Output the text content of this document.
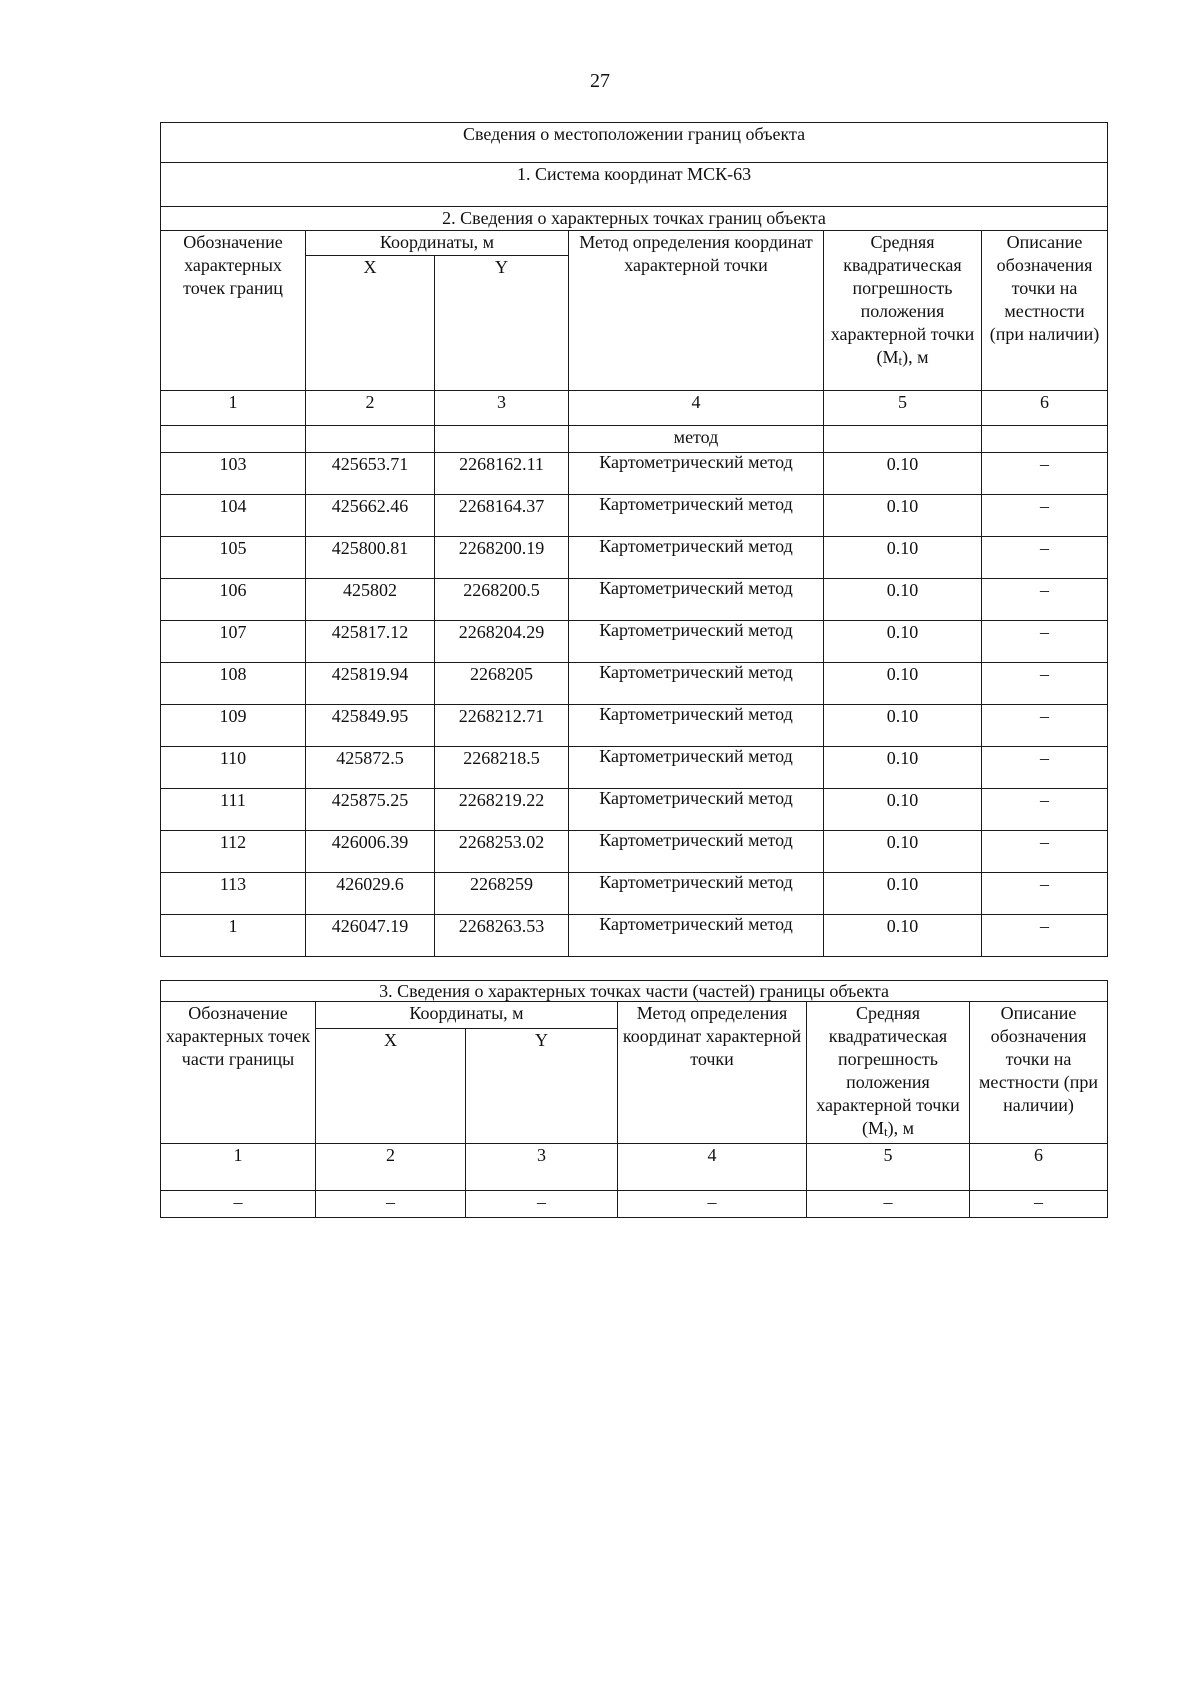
27
Сведения о местоположении границ объекта					
1. Система координат МСК-63					
2. Сведения о характерных точках границ объекта					
Обозначение характерных точек границ	Координаты, м		Метод определения координат характерной точки	Средняя квадратическая погрешность положения характерной точки $(M_t)$, м	Описание обозначения точки на местности (при наличии)
	X	Y			
1	2	3	4	5	6
			метод		
103	425653.71	2268162.11	Картометрический метод	0.10	–
104	425662.46	2268164.37	Картометрический метод	0.10	–
105	425800.81	2268200.19	Картометрический метод	0.10	–
106	425802	2268200.5	Картометрический метод	0.10	–
107	425817.12	2268204.29	Картометрический метод	0.10	–
108	425819.94	2268205	Картометрический метод	0.10	–
109	425849.95	2268212.71	Картометрический метод	0.10	–
110	425872.5	2268218.5	Картометрический метод	0.10	–
111	425875.25	2268219.22	Картометрический метод	0.10	–
112	426006.39	2268253.02	Картометрический метод	0.10	–
113	426029.6	2268259	Картометрический метод	0.10	–
1	426047.19	2268263.53	Картометрический метод	0.10	–
3. Сведения о характерных точках части (частей) границы объекта					
Обозначение характерных точек части границы	Координаты, м		Метод определения координат характерной точки	Средняя квадратическая погрешность положения характерной точки $(M_t)$, м	Описание обозначения точки на местности (при наличии)
	X	Y			
1	2	3	4	5	6
–	–	–	–	–	–
